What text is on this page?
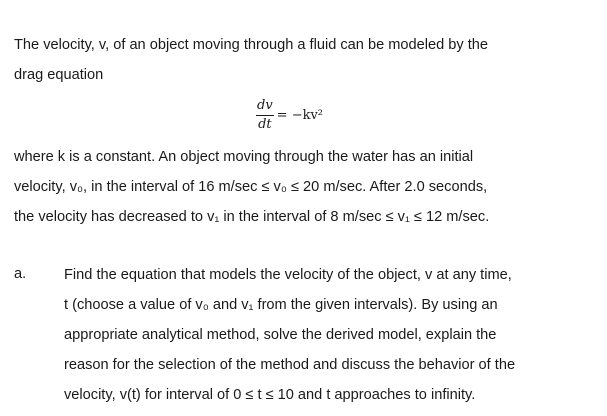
The velocity, v, of an object moving through a fluid can be modeled by the
drag equation
$\frac{dv}{dt} = -kv^2$
where k is a constant. An object moving through the water has an initial
velocity, v₀, in the interval of 16 m/sec ≤ v₀ ≤ 20 m/sec. After 2.0 seconds,
the velocity has decreased to v₁ in the interval of 8 m/sec ≤ v₁ ≤ 12 m/sec.
a.	Find the equation that models the velocity of the object, v at any time,
t (choose a value of v₀ and v₁ from the given intervals). By using an
appropriate analytical method, solve the derived model, explain the
reason for the selection of the method and discuss the behavior of the
velocity, v(t) for interval of 0 ≤ t ≤ 10 and t approaches to infinity.
